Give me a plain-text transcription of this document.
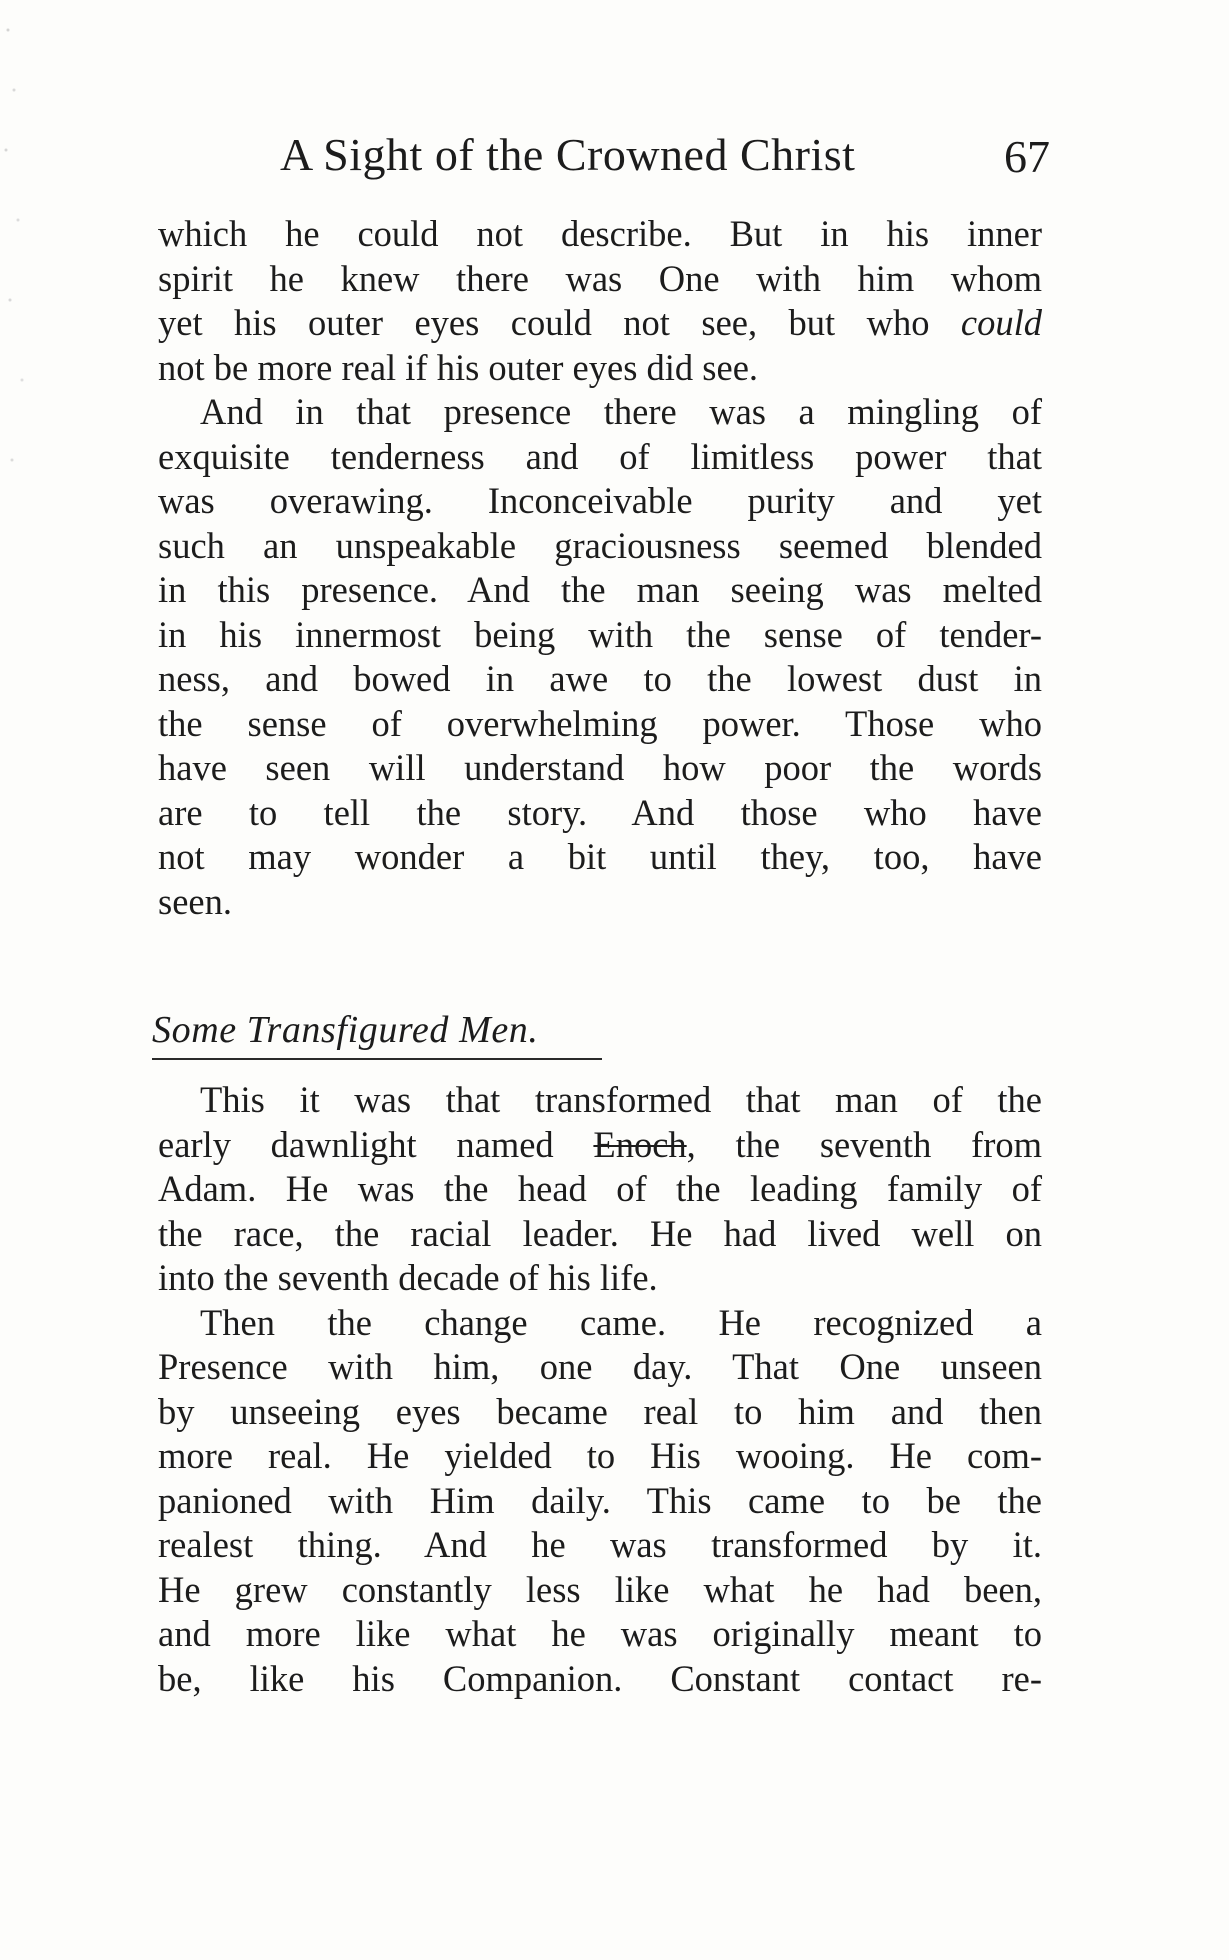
A Sight of the Crowned Christ	67

which he could not describe. But in his inner
spirit he knew there was One with him whom
yet his outer eyes could not see, but who could
not be more real if his outer eyes did see.

And in that presence there was a mingling of
exquisite tenderness and of limitless power that
was overawing. Inconceivable purity and yet
such an unspeakable graciousness seemed blended
in this presence. And the man seeing was melted
in his innermost being with the sense of tender-
ness, and bowed in awe to the lowest dust in
the sense of overwhelming power. Those who
have seen will understand how poor the words
are to tell the story. And those who have
not may wonder a bit until they, too, have
seen.

Some Transfigured Men.

This it was that transformed that man of the
early dawnlight named Enoch, the seventh from
Adam. He was the head of the leading family of
the race, the racial leader. He had lived well on
into the seventh decade of his life.

Then the change came. He recognized a
Presence with him, one day. That One unseen
by unseeing eyes became real to him and then
more real. He yielded to His wooing. He com-
panioned with Him daily. This came to be the
realest thing. And he was transformed by it.
He grew constantly less like what he had been,
and more like what he was originally meant to
be, like his Companion. Constant contact re-
